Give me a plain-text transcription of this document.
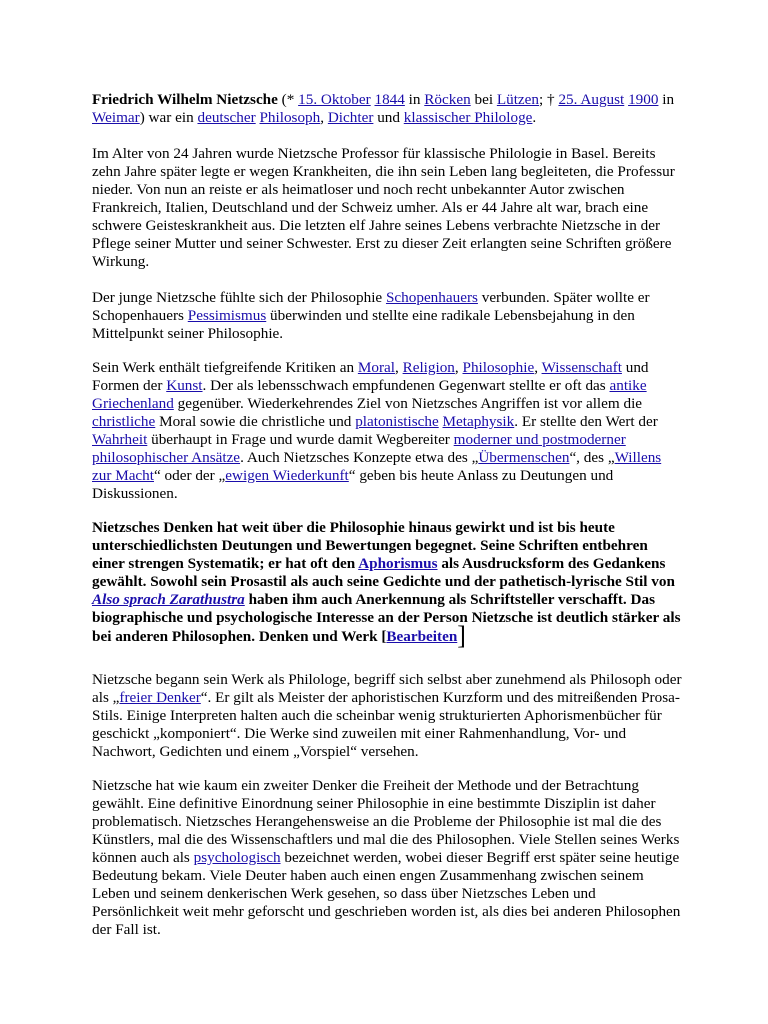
Friedrich Wilhelm Nietzsche (* 15. Oktober 1844 in Röcken bei Lützen; † 25. August 1900 in Weimar) war ein deutscher Philosoph, Dichter und klassischer Philologe.

Im Alter von 24 Jahren wurde Nietzsche Professor für klassische Philologie in Basel. Bereits zehn Jahre später legte er wegen Krankheiten, die ihn sein Leben lang begleiteten, die Professur nieder. Von nun an reiste er als heimatloser und noch recht unbekannter Autor zwischen Frankreich, Italien, Deutschland und der Schweiz umher. Als er 44 Jahre alt war, brach eine schwere Geisteskrankheit aus. Die letzten elf Jahre seines Lebens verbrachte Nietzsche in der Pflege seiner Mutter und seiner Schwester. Erst zu dieser Zeit erlangten seine Schriften größere Wirkung.

Der junge Nietzsche fühlte sich der Philosophie Schopenhauers verbunden. Später wollte er Schopenhauers Pessimismus überwinden und stellte eine radikale Lebensbejahung in den Mittelpunkt seiner Philosophie.

Sein Werk enthält tiefgreifende Kritiken an Moral, Religion, Philosophie, Wissenschaft und Formen der Kunst. Der als lebensschwach empfundenen Gegenwart stellte er oft das antike Griechenland gegenüber. Wiederkehrendes Ziel von Nietzsches Angriffen ist vor allem die christliche Moral sowie die christliche und platonistische Metaphysik. Er stellte den Wert der Wahrheit überhaupt in Frage und wurde damit Wegbereiter moderner und postmoderner philosophischer Ansätze. Auch Nietzsches Konzepte etwa des „Übermenschen“, des „Willens zur Macht“ oder der „ewigen Wiederkunft“ geben bis heute Anlass zu Deutungen und Diskussionen.

Nietzsches Denken hat weit über die Philosophie hinaus gewirkt und ist bis heute unterschiedlichsten Deutungen und Bewertungen begegnet. Seine Schriften entbehren einer strengen Systematik; er hat oft den Aphorismus als Ausdrucksform des Gedankens gewählt. Sowohl sein Prosastil als auch seine Gedichte und der pathetisch-lyrische Stil von Also sprach Zarathustra haben ihm auch Anerkennung als Schriftsteller verschafft. Das biographische und psychologische Interesse an der Person Nietzsche ist deutlich stärker als bei anderen Philosophen. Denken und Werk [Bearbeiten]

Nietzsche begann sein Werk als Philologe, begriff sich selbst aber zunehmend als Philosoph oder als „freier Denker“. Er gilt als Meister der aphoristischen Kurzform und des mitreißenden Prosa-Stils. Einige Interpreten halten auch die scheinbar wenig strukturierten Aphorismenbücher für geschickt „komponiert“. Die Werke sind zuweilen mit einer Rahmenhandlung, Vor- und Nachwort, Gedichten und einem „Vorspiel“ versehen.

Nietzsche hat wie kaum ein zweiter Denker die Freiheit der Methode und der Betrachtung gewählt. Eine definitive Einordnung seiner Philosophie in eine bestimmte Disziplin ist daher problematisch. Nietzsches Herangehensweise an die Probleme der Philosophie ist mal die des Künstlers, mal die des Wissenschaftlers und mal die des Philosophen. Viele Stellen seines Werks können auch als psychologisch bezeichnet werden, wobei dieser Begriff erst später seine heutige Bedeutung bekam. Viele Deuter haben auch einen engen Zusammenhang zwischen seinem Leben und seinem denkerischen Werk gesehen, so dass über Nietzsches Leben und Persönlichkeit weit mehr geforscht und geschrieben worden ist, als dies bei anderen Philosophen der Fall ist.
